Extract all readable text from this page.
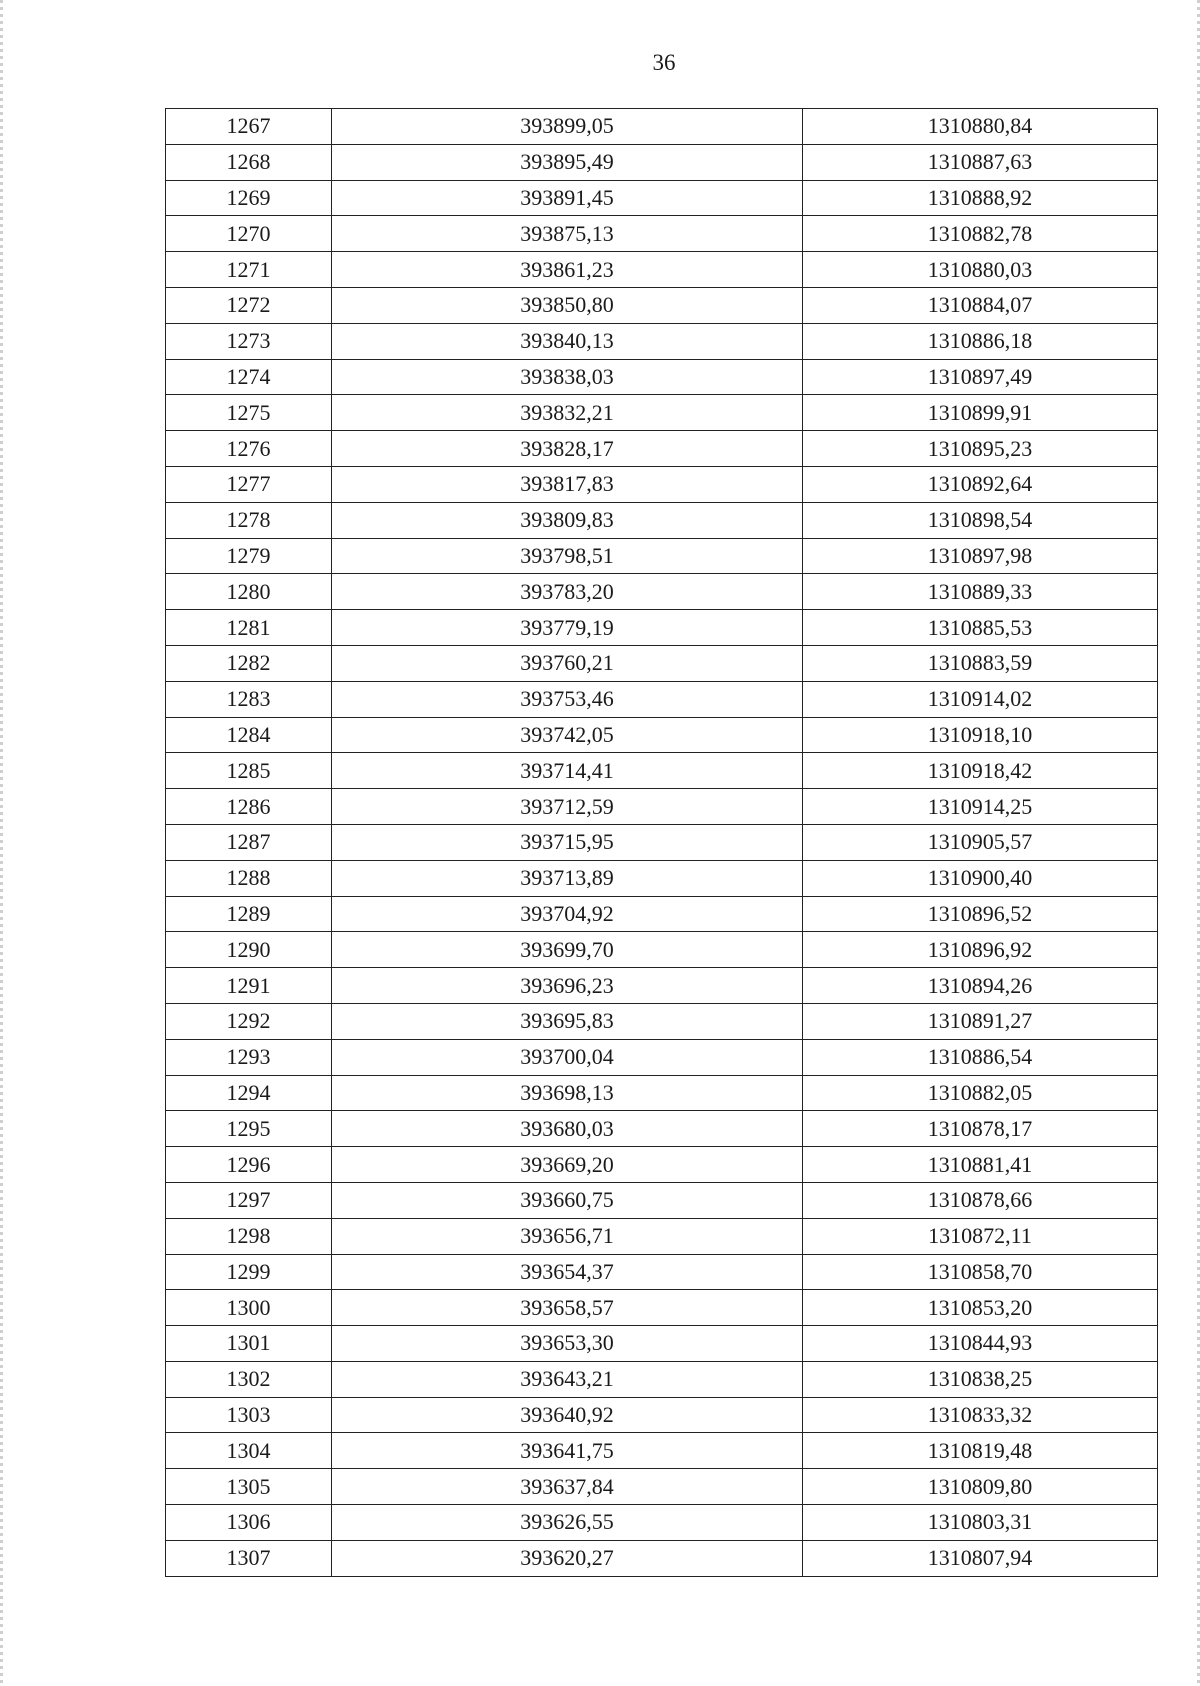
36
1267	393899,05	1310880,84
1268	393895,49	1310887,63
1269	393891,45	1310888,92
1270	393875,13	1310882,78
1271	393861,23	1310880,03
1272	393850,80	1310884,07
1273	393840,13	1310886,18
1274	393838,03	1310897,49
1275	393832,21	1310899,91
1276	393828,17	1310895,23
1277	393817,83	1310892,64
1278	393809,83	1310898,54
1279	393798,51	1310897,98
1280	393783,20	1310889,33
1281	393779,19	1310885,53
1282	393760,21	1310883,59
1283	393753,46	1310914,02
1284	393742,05	1310918,10
1285	393714,41	1310918,42
1286	393712,59	1310914,25
1287	393715,95	1310905,57
1288	393713,89	1310900,40
1289	393704,92	1310896,52
1290	393699,70	1310896,92
1291	393696,23	1310894,26
1292	393695,83	1310891,27
1293	393700,04	1310886,54
1294	393698,13	1310882,05
1295	393680,03	1310878,17
1296	393669,20	1310881,41
1297	393660,75	1310878,66
1298	393656,71	1310872,11
1299	393654,37	1310858,70
1300	393658,57	1310853,20
1301	393653,30	1310844,93
1302	393643,21	1310838,25
1303	393640,92	1310833,32
1304	393641,75	1310819,48
1305	393637,84	1310809,80
1306	393626,55	1310803,31
1307	393620,27	1310807,94
